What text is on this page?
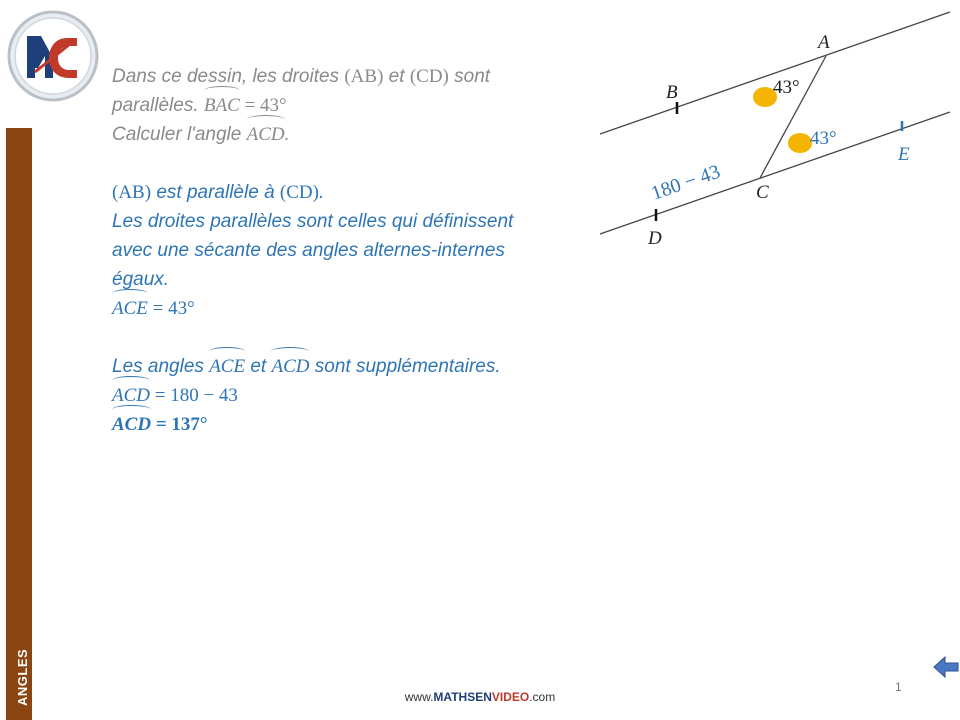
ANGLES
Dans ce dessin, les droites (AB) et (CD) sont
parallèles. BAC = 43°
Calculer l'angle ACD.
(AB) est parallèle à (CD).
Les droites parallèles sont celles qui définissent
avec une sécante des angles alternes-internes
égaux.
ACE = 43°
Les angles ACE et ACD sont supplémentaires.
ACD = 180 − 43
ACD = 137°
A
B
C
D
E
43°
43°
180 − 43
www.MATHSENVIDEO.com
1
